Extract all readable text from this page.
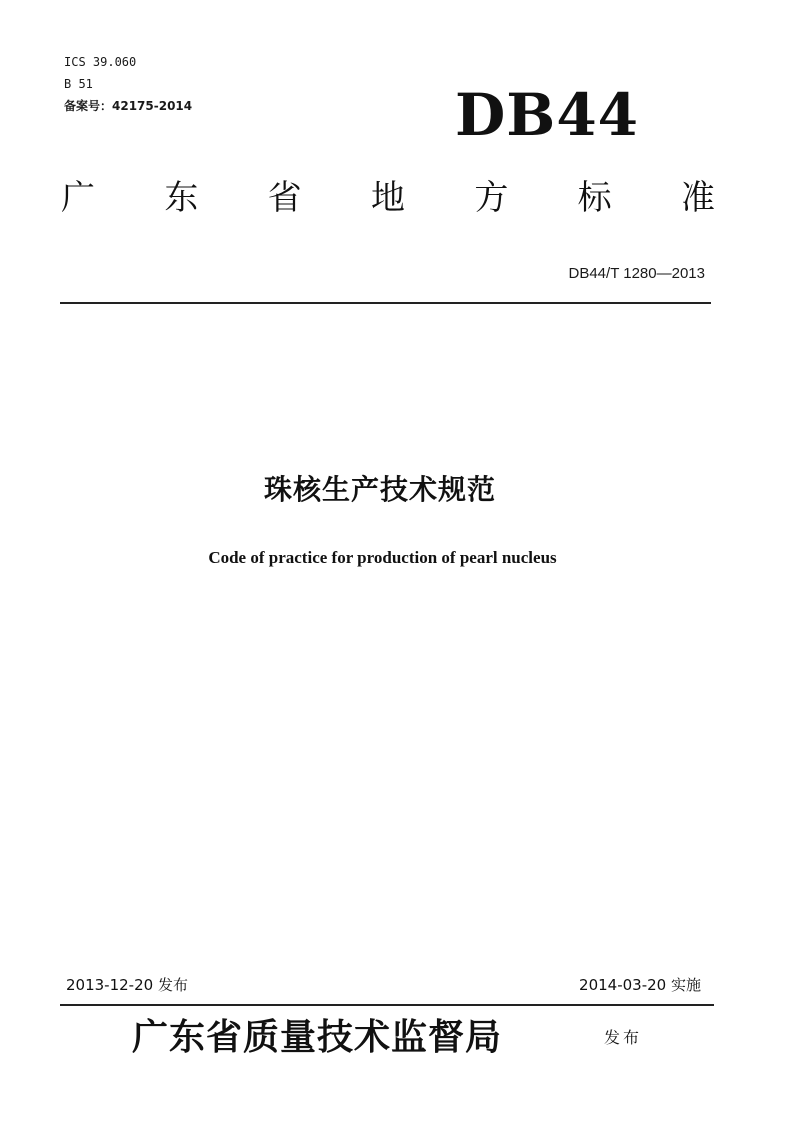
ICS 39.060
B 51
备案号：42175-2014	DB44
广 东 省 地 方 标 准
DB44/T 1280—2013
珠核生产技术规范
Code of practice for production of pearl nucleus
2013-12-20 发布	2014-03-20 实施
广东省质量技术监督局	发布
